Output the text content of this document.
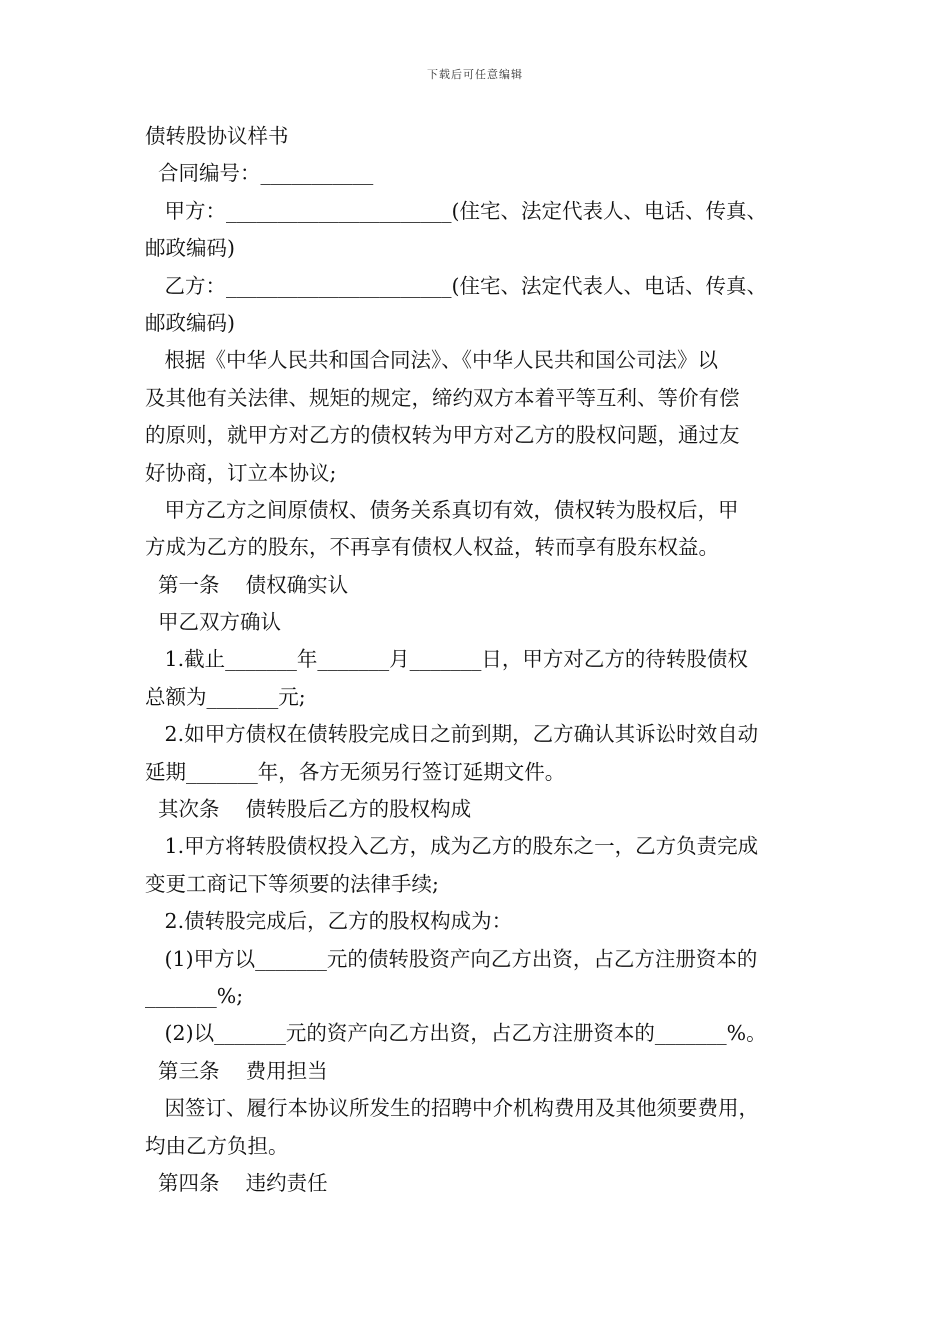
下载后可任意编辑
债转股协议样书
合同编号：___________
甲方：______________________(住宅、法定代表人、电话、传真、
邮政编码)
乙方：______________________(住宅、法定代表人、电话、传真、
邮政编码)
根据《中华人民共和国合同法》、《中华人民共和国公司法》以
及其他有关法律、规矩的规定，缔约双方本着平等互利、等价有偿
的原则，就甲方对乙方的债权转为甲方对乙方的股权问题，通过友
好协商，订立本协议;
甲方乙方之间原债权、债务关系真切有效，债权转为股权后，甲
方成为乙方的股东，不再享有债权人权益，转而享有股东权益。
第一条    债权确实认
甲乙双方确认
1.截止_______年_______月_______日，甲方对乙方的待转股债权
总额为_______元;
2.如甲方债权在债转股完成日之前到期，乙方确认其诉讼时效自动
延期_______年，各方无须另行签订延期文件。
其次条    债转股后乙方的股权构成
1.甲方将转股债权投入乙方，成为乙方的股东之一，乙方负责完成
变更工商记下等须要的法律手续;
2.债转股完成后，乙方的股权构成为：
(1)甲方以_______元的债转股资产向乙方出资，占乙方注册资本的
_______%;
(2)以_______元的资产向乙方出资，占乙方注册资本的_______%。
第三条    费用担当
因签订、履行本协议所发生的招聘中介机构费用及其他须要费用，
均由乙方负担。
第四条    违约责任
